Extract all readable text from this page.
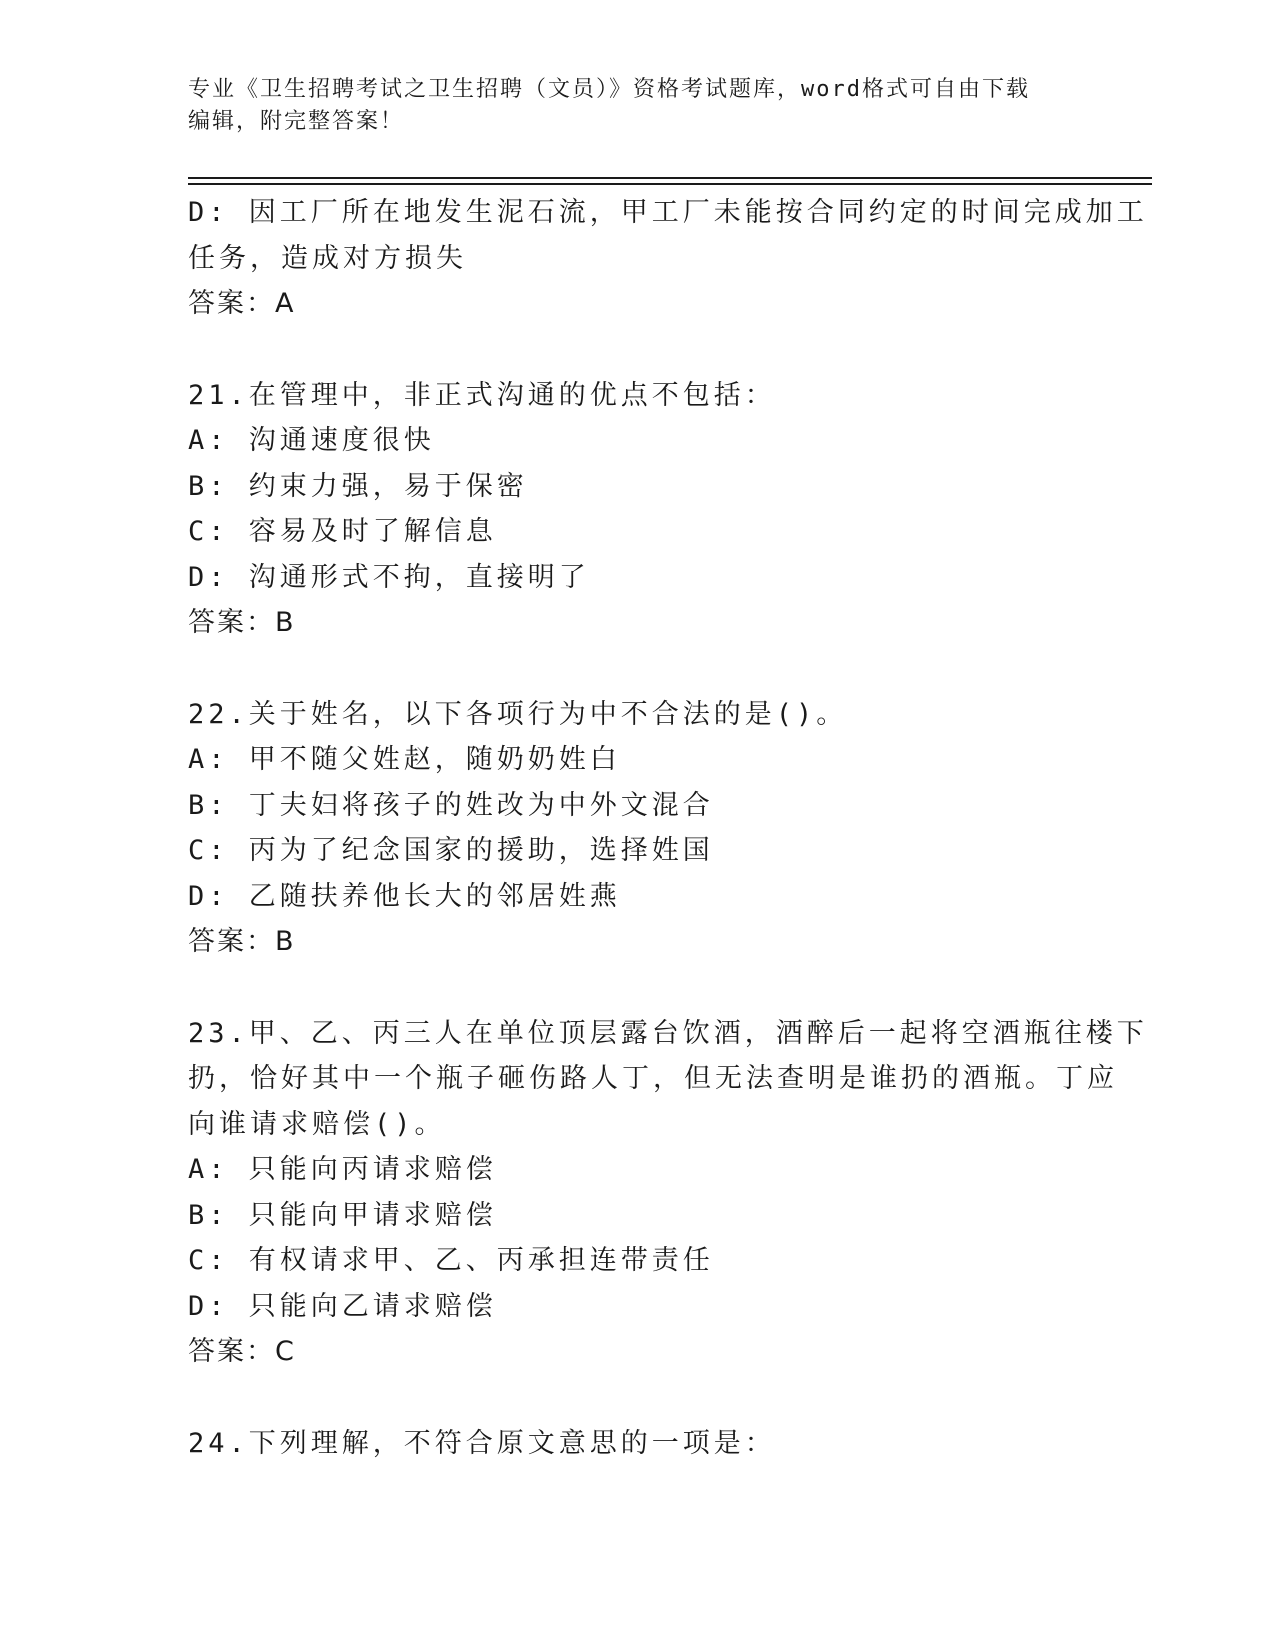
专业《卫生招聘考试之卫生招聘（文员）》资格考试题库，word格式可自由下载
编辑，附完整答案！
D: 因工厂所在地发生泥石流，甲工厂未能按合同约定的时间完成加工
任务，造成对方损失
答案：A
21.在管理中，非正式沟通的优点不包括：
A: 沟通速度很快
B: 约束力强，易于保密
C: 容易及时了解信息
D: 沟通形式不拘，直接明了
答案：B
22.关于姓名，以下各项行为中不合法的是()。
A: 甲不随父姓赵，随奶奶姓白
B: 丁夫妇将孩子的姓改为中外文混合
C: 丙为了纪念国家的援助，选择姓国
D: 乙随扶养他长大的邻居姓燕
答案：B
23.甲、乙、丙三人在单位顶层露台饮酒，酒醉后一起将空酒瓶往楼下
扔，恰好其中一个瓶子砸伤路人丁，但无法查明是谁扔的酒瓶。丁应
向谁请求赔偿()。
A: 只能向丙请求赔偿
B: 只能向甲请求赔偿
C: 有权请求甲、乙、丙承担连带责任
D: 只能向乙请求赔偿
答案：C
24.下列理解，不符合原文意思的一项是：
